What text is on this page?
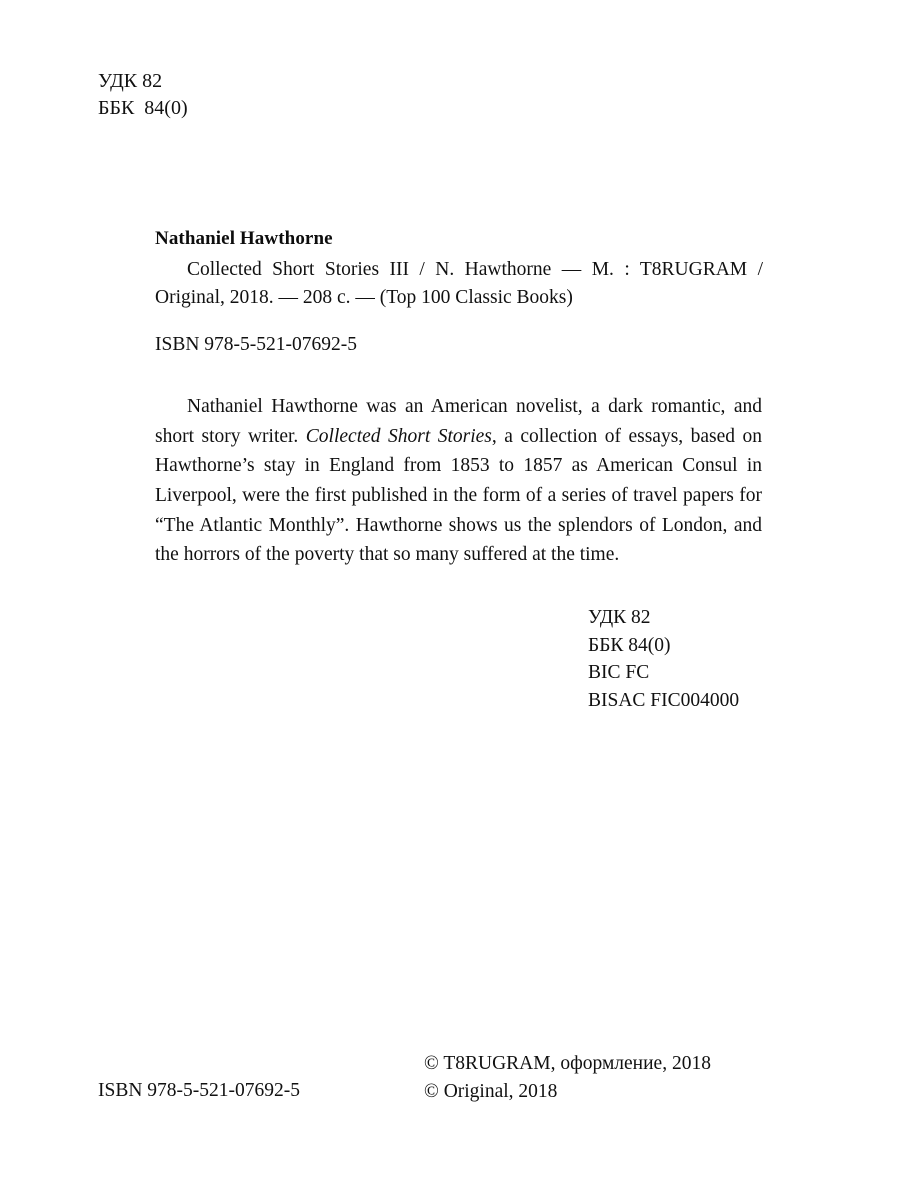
УДК 82
ББК  84(0)
Nathaniel Hawthorne
Collected Short Stories III / N. Hawthorne — M. : T8RUGRAM / Original, 2018. — 208 c. — (Top 100 Classic Books)
ISBN 978-5-521-07692-5
Nathaniel Hawthorne was an American novelist, a dark romantic, and short story writer. Collected Short Stories, a collection of essays, based on Hawthorne’s stay in England from 1853 to 1857 as American Consul in Liverpool, were the first published in the form of a series of travel papers for “The Atlantic Monthly”. Hawthorne shows us the splendors of London, and the horrors of the poverty that so many suffered at the time.
УДК 82
ББК 84(0)
BIC FC
BISAC FIC004000
ISBN 978-5-521-07692-5
© T8RUGRAM, оформление, 2018
© Original, 2018
